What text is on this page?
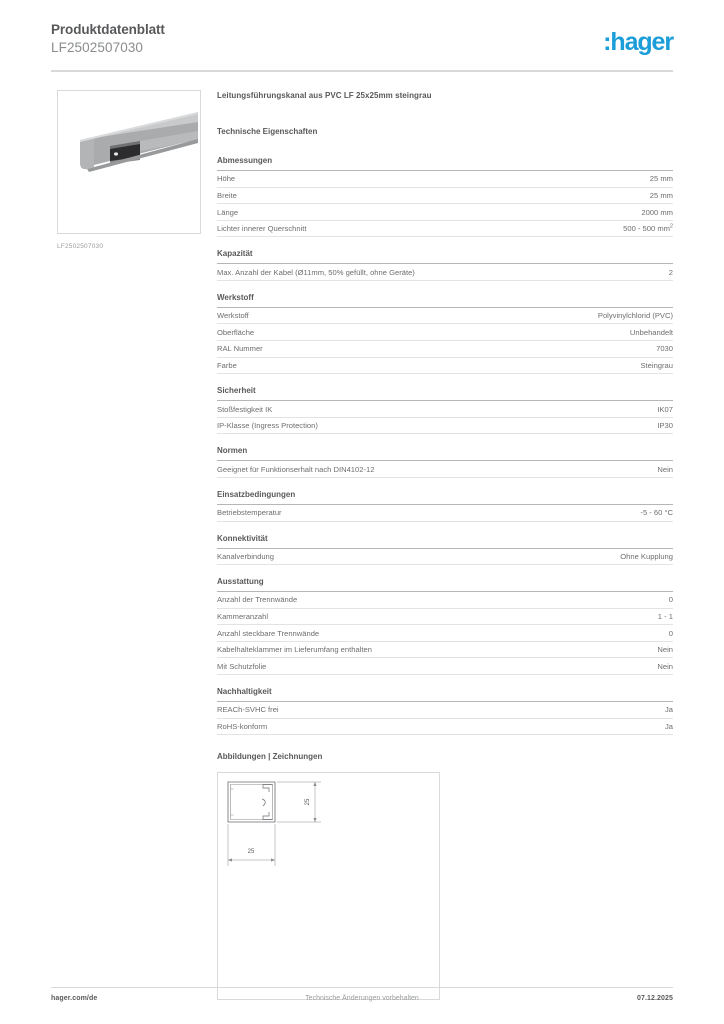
Produktdatenblatt
LF2502507030	:hager
LF2502507030
Leitungsführungskanal aus PVC LF 25x25mm steingrau
Technische Eigenschaften
Abmessungen
Höhe	25 mm
Breite	25 mm
Länge	2000 mm
Lichter innerer Querschnitt	500 - 500 $mm^2$
Kapazität
Max. Anzahl der Kabel (Ø11mm, 50% gefüllt, ohne Geräte)	2
Werkstoff
Werkstoff	Polyvinylchlorid (PVC)
Oberfläche	Unbehandelt
RAL Nummer	7030
Farbe	Steingrau
Sicherheit
Stoßfestigkeit IK	IK07
IP-Klasse (Ingress Protection)	IP30
Normen
Geeignet für Funktionserhalt nach DIN4102-12	Nein
Einsatzbedingungen
Betriebstemperatur	-5 - 60 °C
Konnektivität
Kanalverbindung	Ohne Kupplung
Ausstattung
Anzahl der Trennwände	0
Kammeranzahl	1 - 1
Anzahl steckbare Trennwände	0
Kabelhalteklammer im Lieferumfang enthalten	Nein
Mit Schutzfolie	Nein
Nachhaltigkeit
REACh-SVHC frei	Ja
RoHS-konform	Ja
Abbildungen | Zeichnungen
25
25
hager.com/de	Technische Änderungen vorbehalten	07.12.2025
